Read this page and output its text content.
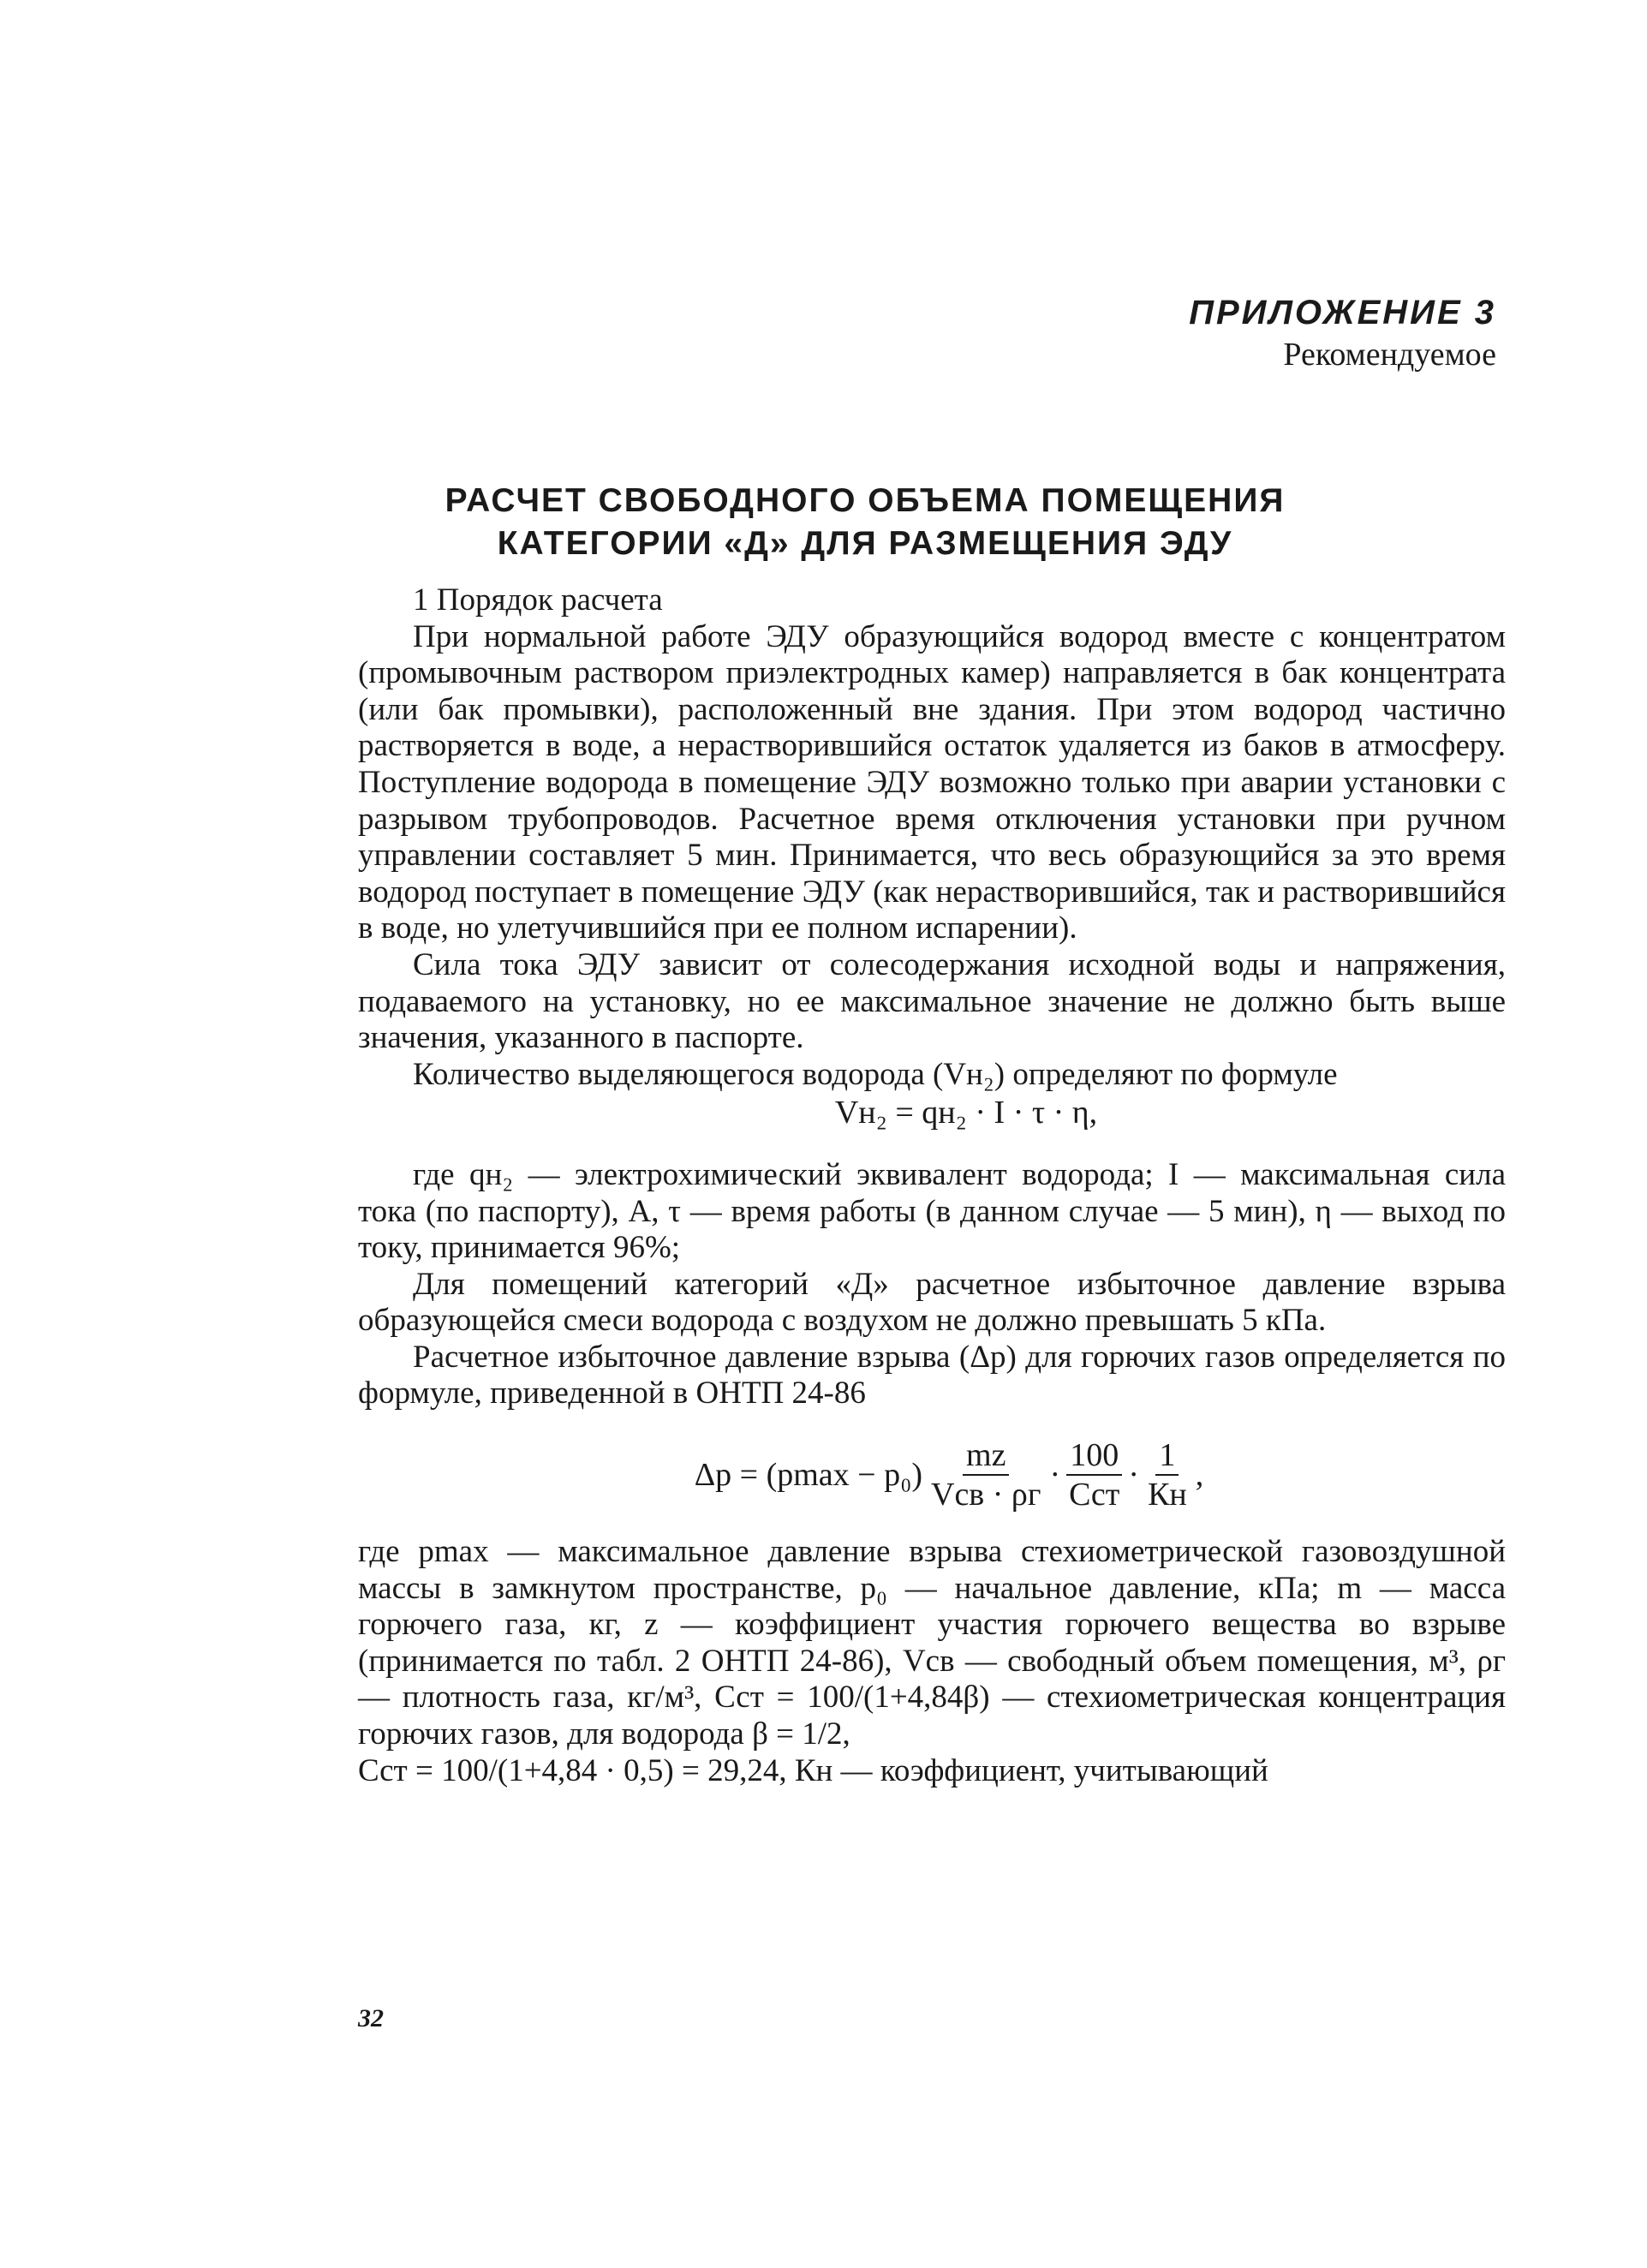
ПРИЛОЖЕНИЕ 3
Рекомендуемое
РАСЧЕТ СВОБОДНОГО ОБЪЕМА ПОМЕЩЕНИЯ
КАТЕГОРИИ «Д» ДЛЯ РАЗМЕЩЕНИЯ ЭДУ

1 Порядок расчета

При нормальной работе ЭДУ образующийся водород вместе с концентратом (промывочным раствором приэлектродных камер) направляется в бак концентрата (или бак промывки), расположенный вне здания. При этом водород частично растворяется в воде, а нерастворившийся остаток удаляется из баков в атмосферу. Поступление водорода в помещение ЭДУ возможно только при аварии установки с разрывом трубопроводов. Расчетное время отключения установки при ручном управлении составляет 5 мин. Принимается, что весь образующийся за это время водород поступает в помещение ЭДУ (как нерастворившийся, так и растворившийся в воде, но улетучившийся при ее полном испарении).

Сила тока ЭДУ зависит от солесодержания исходной воды и напряжения, подаваемого на установку, но ее максимальное значение не должно быть выше значения, указанного в паспорте.

Количество выделяющегося водорода (Vн₂) определяют по формуле

Vн₂ = qн₂ · I · τ · η,

где qн₂ — электрохимический эквивалент водорода; I — максимальная сила тока (по паспорту), А, τ — время работы (в данном случае — 5 мин), η — выход по току, принимается 96%;

Для помещений категорий «Д» расчетное избыточное давление взрыва образующейся смеси водорода с воздухом не должно превышать 5 кПа.

Расчетное избыточное давление взрыва (Δр) для горючих газов определяется по формуле, приведенной в ОНТП 24-86

$\Delta р = (р\max - р_0) \frac{mz}{\text{Vсв · ρг}} \cdot \frac{100}{\text{Сст}} \cdot \frac{1}{Кн}$ ,

где рmax — максимальное давление взрыва стехиометрической газовоздушной массы в замкнутом пространстве, р₀ — начальное давление, кПа; m — масса горючего газа, кг, z — коэффициент участия горючего вещества во взрыве (принимается по табл. 2 ОНТП 24-86), Vсв — свободный объем помещения, м³, ρг — плотность газа, кг/м³, Сст = 100/(1+4,84β) — стехиометрическая концентрация горючих газов, для водорода β = 1/2,

Сст = 100/(1+4,84 · 0,5) = 29,24, Кн — коэффициент, учитывающий

32
